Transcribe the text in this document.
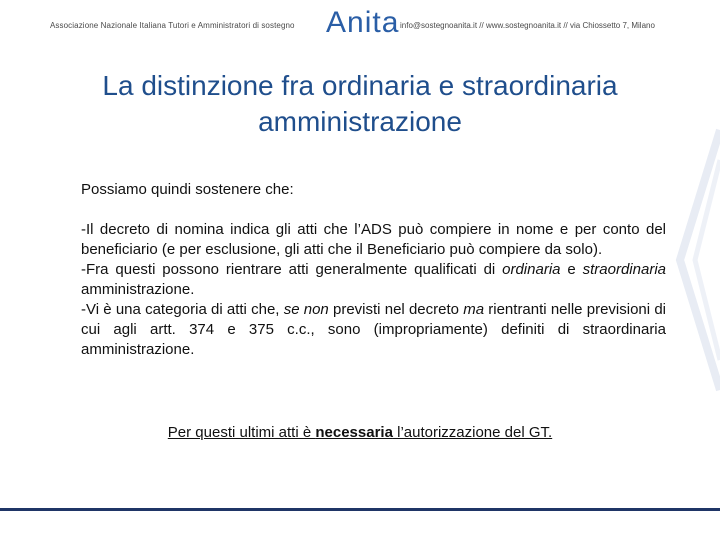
Associazione Nazionale Italiana Tutori e Amministratori di sostegno Anita info@sostegnoanita.it // www.sostegnoanita.it // via Chiossetto 7, Milano
La distinzione fra ordinaria e straordinaria amministrazione

Possiamo quindi sostenere che:

-Il decreto di nomina indica gli atti che l’ADS può compiere in nome e per conto del beneficiario (e per esclusione, gli atti che il Beneficiario può compiere da solo).

-Fra questi possono rientrare atti generalmente qualificati di ordinaria e straordinaria amministrazione.

-Vi è una categoria di atti che, se non previsti nel decreto ma rientranti nelle previsioni di cui agli artt. 374 e 375 c.c., sono (impropriamente) definiti di straordinaria amministrazione.

Per questi ultimi atti è necessaria l’autorizzazione del GT.
